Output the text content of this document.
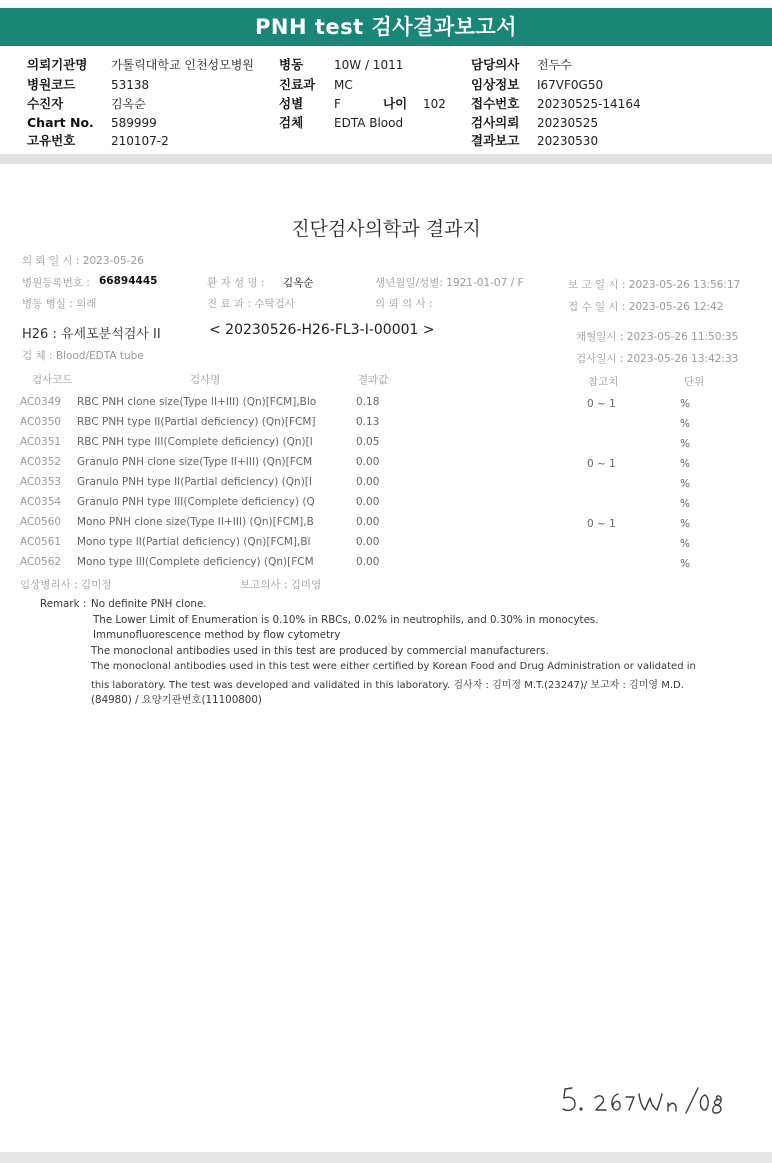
PNH test 검사결과보고서
의뢰기관명 가톨릭대학교 인천성모병원 병동	10W / 1011	담당의사 전두수
병원코드	53138	진료과 MC	임상정보 I67VF0G50
수진자	김옥순	성별	F	나이 102 접수번호 20230525-14164
Chart No. 589999	검체	EDTA Blood	검사의뢰 20230525
고유번호	210107-2	결과보고 20230530
진단검사의학과 결과지
의 뢰 일 시 : 2023-05-26
병원등록번호 : 66894445	환 자 성 명 : 김옥순	생년월일/성별: 1921-01-07 / F	보 고 일 시 : 2023-05-26 13:56:17
병동 병실 : 외래	진 료 과 : 수탁검사	의 뢰 의 사 :	접 수 일 시 : 2023-05-26 12:42
H26 : 유세포분석검사 II	< 20230526-H26-FL3-I-00001 >	채혈일시 : 2023-05-26 11:50:35
검 체 : Blood/EDTA tube	검사일시 : 2023-05-26 13:42:33
검사코드	검사명	결과값	참고치	단위
AC0349 RBC PNH clone size(Type II+III) (Qn)[FCM],Blo	0.18	0 ~ 1	%
AC0350 RBC PNH type II(Partial deficiency) (Qn)[FCM]	0.13	%
AC0351 RBC PNH type III(Complete deficiency) (Qn)[I	0.05	%
AC0352 Granulo PNH clone size(Type II+III) (Qn)[FCM	0.00	0 ~ 1	%
AC0353 Granulo PNH type II(Partial deficiency) (Qn)[I	0.00	%
AC0354 Granulo PNH type III(Complete deficiency) (Q	0.00	%
AC0560 Mono PNH clone size(Type II+III) (Qn)[FCM],B	0.00	0 ~ 1	%
AC0561 Mono type II(Partial deficiency) (Qn)[FCM],Bl	0.00	%
AC0562 Mono type III(Complete deficiency) (Qn)[FCM	0.00	%
임상병리사 : 김미정	보고의사 : 김미영
Remark : No definite PNH clone.
The Lower Limit of Enumeration is 0.10% in RBCs, 0.02% in neutrophils, and 0.30% in monocytes.
Immunofluorescence method by flow cytometry
The monoclonal antibodies used in this test are produced by commercial manufacturers.
The monoclonal antibodies used in this test were either certified by Korean Food and Drug Administration or validated in
this laboratory. The test was developed and validated in this laboratory. 검사자 : 김미정 M.T.(23247)/ 보고자 : 김미영 M.D.
(84980) / 요양기관번호(11100800)
